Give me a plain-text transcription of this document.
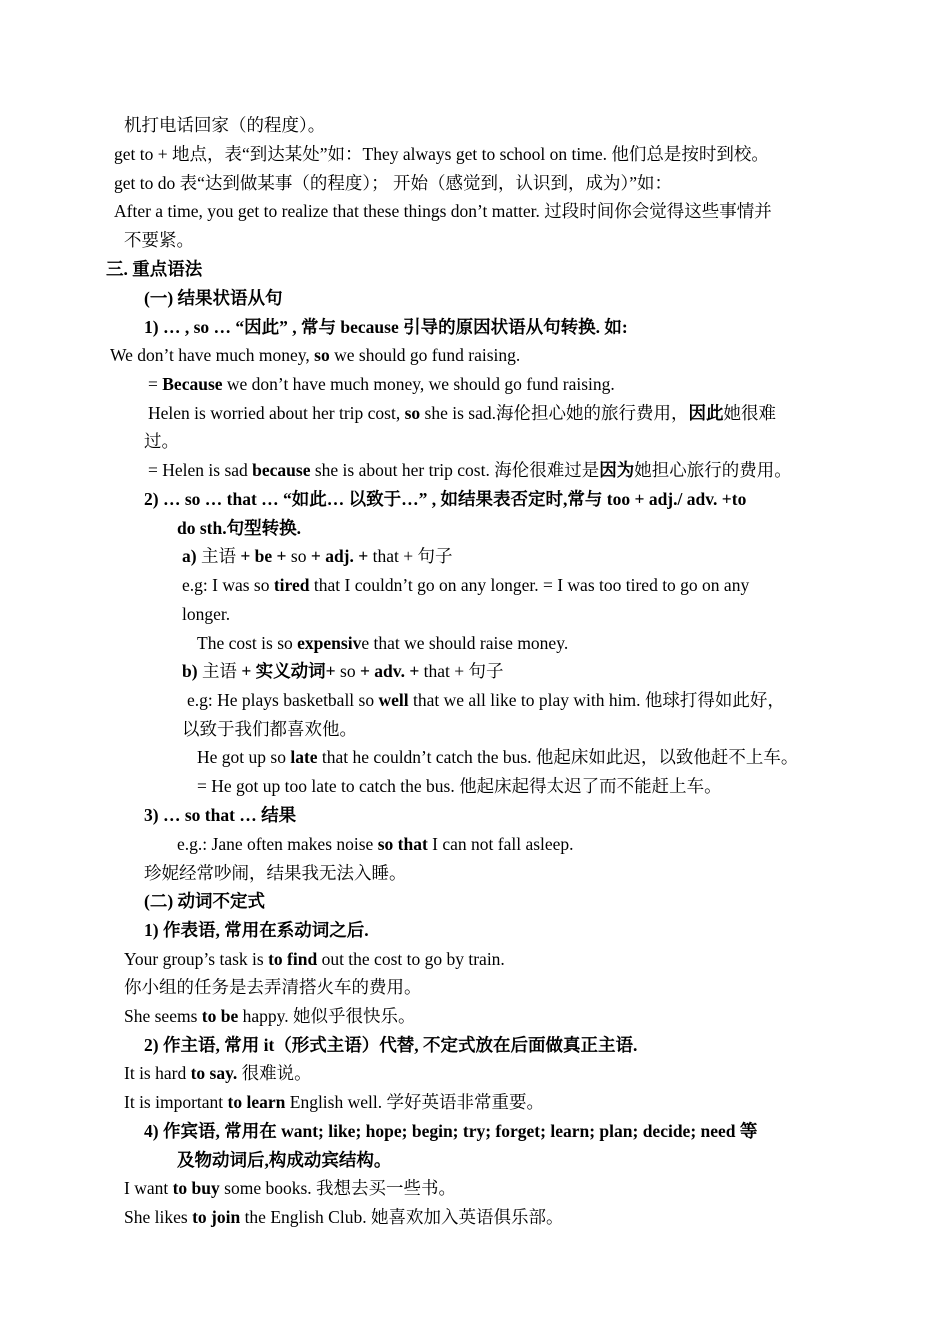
机打电话回家（的程度）。

get to + 地点，表“到达某处”如：They always get to school on time. 他们总是按时到校。

get to do 表“达到做某事（的程度）； 开始（感觉到，认识到，成为）”如：

After a time, you get to realize that these things don’t matter. 过段时间你会觉得这些事情并

不要紧。

三. 重点语法

(一) 结果状语从句

1) … , so … “因此” , 常与 because 引导的原因状语从句转换. 如:

We don’t have much money, so we should go fund raising.

= Because we don’t have much money, we should go fund raising.

Helen is worried about her trip cost, so she is sad.海伦担心她的旅行费用，因此她很难

过。

= Helen is sad because she is about her trip cost. 海伦很难过是因为她担心旅行的费用。

2) … so … that … “如此… 以致于…” , 如结果表否定时,常与 too + adj./ adv. +to

do sth.句型转换.

a) 主语 + be + so + adj. + that + 句子

e.g: I was so tired that I couldn’t go on any longer. = I was too tired to go on any

longer.

The cost is so expensive that we should raise money.

b) 主语 + 实义动词+ so + adv. + that + 句子

e.g: He plays basketball so well that we all like to play with him. 他球打得如此好，

以致于我们都喜欢他。

He got up so late that he couldn’t catch the bus. 他起床如此迟，以致他赶不上车。

= He got up too late to catch the bus. 他起床起得太迟了而不能赶上车。

3) … so that … 结果

e.g.: Jane often makes noise so that I can not fall asleep.

珍妮经常吵闹，结果我无法入睡。

(二) 动词不定式

1) 作表语, 常用在系动词之后.

Your group’s task is to find out the cost to go by train.

你小组的任务是去弄清搭火车的费用。

She seems to be happy. 她似乎很快乐。

2) 作主语, 常用 it（形式主语）代替, 不定式放在后面做真正主语.

It is hard to say. 很难说。

It is important to learn English well. 学好英语非常重要。

4) 作宾语, 常用在 want; like; hope; begin; try; forget; learn; plan; decide; need 等

及物动词后,构成动宾结构。

I want to buy some books. 我想去买一些书。

She likes to join the English Club. 她喜欢加入英语俱乐部。
